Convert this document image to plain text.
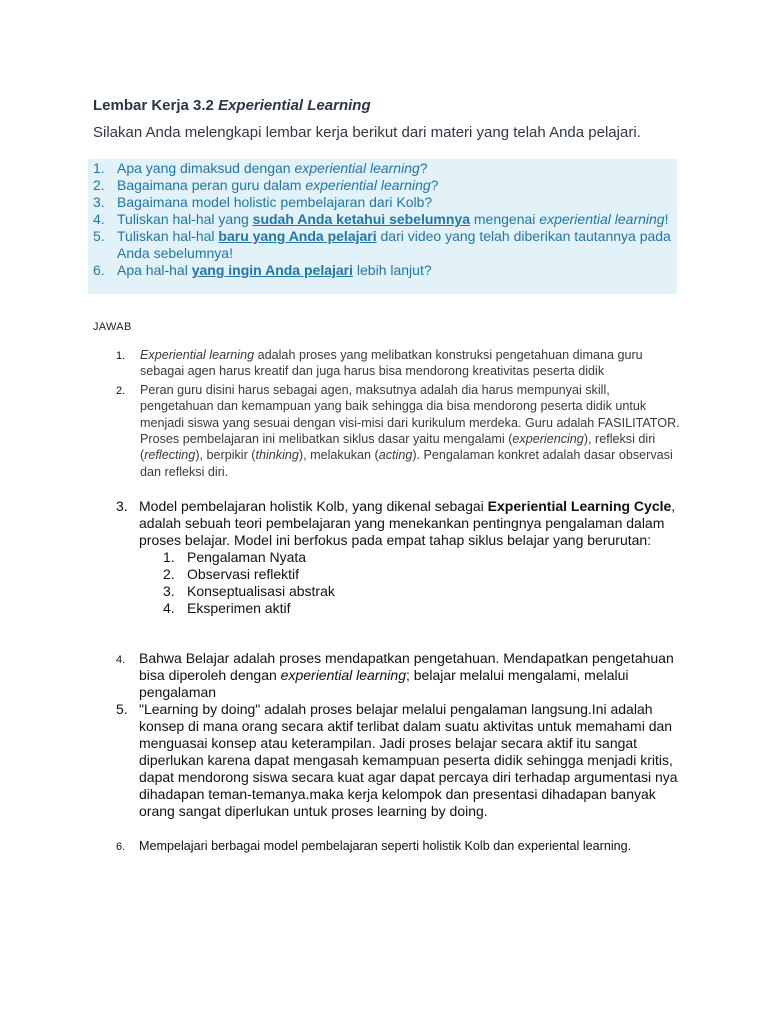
Lembar Kerja 3.2 Experiential Learning
Silakan Anda melengkapi lembar kerja berikut dari materi yang telah Anda pelajari.
1. Apa yang dimaksud dengan experiential learning?
2. Bagaimana peran guru dalam experiential learning?
3. Bagaimana model holistic pembelajaran dari Kolb?
4. Tuliskan hal-hal yang sudah Anda ketahui sebelumnya mengenai experiential learning!
5. Tuliskan hal-hal baru yang Anda pelajari dari video yang telah diberikan tautannya pada Anda sebelumnya!
6. Apa hal-hal yang ingin Anda pelajari lebih lanjut?
JAWAB
1. Experiential learning adalah proses yang melibatkan konstruksi pengetahuan dimana guru sebagai agen harus kreatif dan juga harus bisa mendorong kreativitas peserta didik
2. Peran guru disini harus sebagai agen, maksutnya adalah dia harus mempunyai skill, pengetahuan dan kemampuan yang baik sehingga dia bisa mendorong peserta didik untuk menjadi siswa yang sesuai dengan visi-misi dari kurikulum merdeka. Guru adalah FASILITATOR. Proses pembelajaran ini melibatkan siklus dasar yaitu mengalami (experiencing), refleksi diri (reflecting), berpikir (thinking), melakukan (acting). Pengalaman konkret adalah dasar observasi dan refleksi diri.
3. Model pembelajaran holistik Kolb, yang dikenal sebagai Experiential Learning Cycle, adalah sebuah teori pembelajaran yang menekankan pentingnya pengalaman dalam proses belajar. Model ini berfokus pada empat tahap siklus belajar yang berurutan:
1. Pengalaman Nyata
2. Observasi reflektif
3. Konseptualisasi abstrak
4. Eksperimen aktif
4. Bahwa Belajar adalah proses mendapatkan pengetahuan. Mendapatkan pengetahuan bisa diperoleh dengan experiential learning; belajar melalui mengalami, melalui pengalaman
5. "Learning by doing" adalah proses belajar melalui pengalaman langsung.Ini adalah konsep di mana orang secara aktif terlibat dalam suatu aktivitas untuk memahami dan menguasai konsep atau keterampilan. Jadi proses belajar secara aktif itu sangat diperlukan karena dapat mengasah kemampuan peserta didik sehingga menjadi kritis, dapat mendorong siswa secara kuat agar dapat percaya diri terhadap argumentasi nya dihadapan teman-temanya.maka kerja kelompok dan presentasi dihadapan banyak orang sangat diperlukan untuk proses learning by doing.
6. Mempelajari berbagai model pembelajaran seperti holistik Kolb dan experiental learning.
